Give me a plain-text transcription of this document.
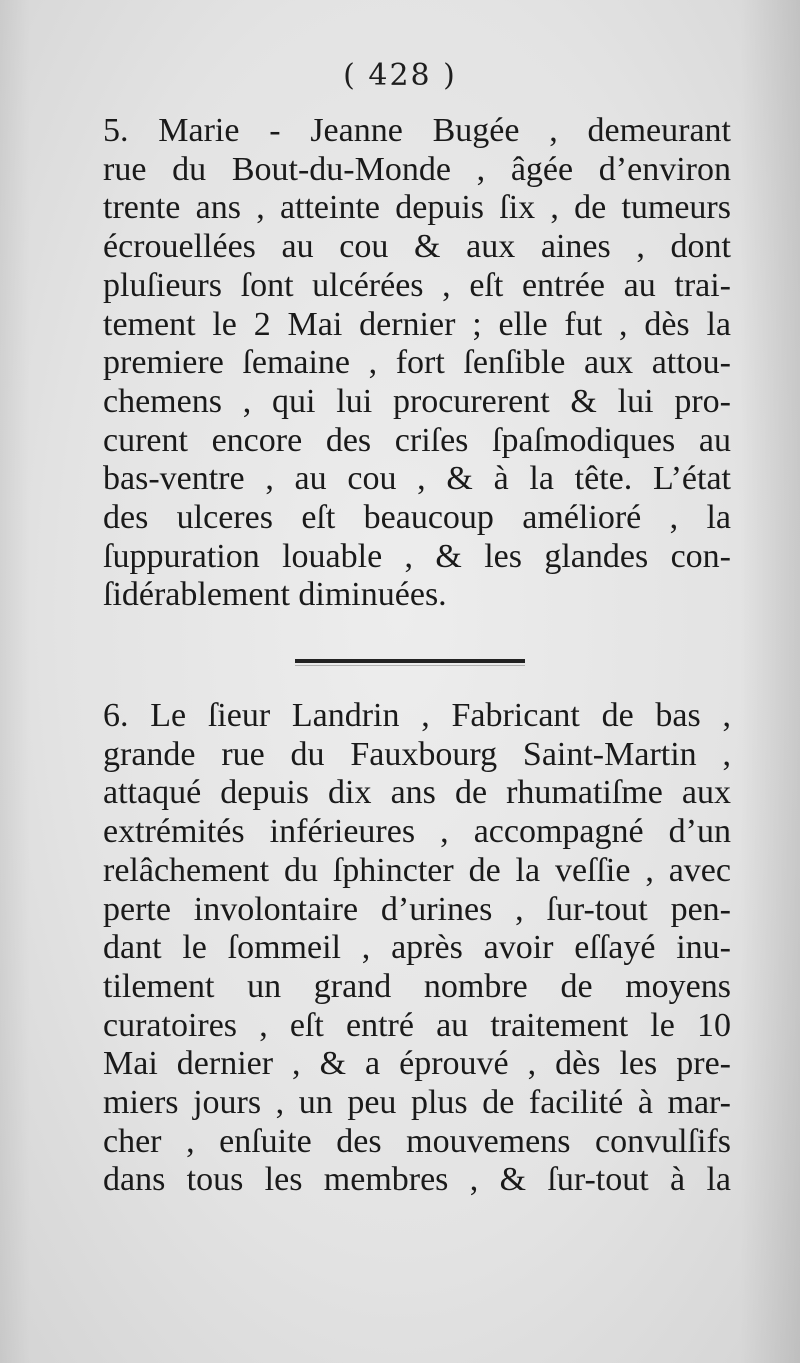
( 428 )
5. Marie - Jeanne Bugée , demeurant
rue du Bout-du-Monde , âgée d’environ
trente ans , atteinte depuis ſix , de tumeurs
écrouellées au cou & aux aines , dont
pluſieurs ſont ulcérées , eſt entrée au trai-
tement le 2 Mai dernier ; elle fut , dès la
premiere ſemaine , fort ſenſible aux attou-
chemens , qui lui procurerent & lui pro-
curent encore des criſes ſpaſmodiques au
bas-ventre , au cou , & à la tête. L’état
des ulceres eſt beaucoup amélioré , la
ſuppuration louable , & les glandes con-
ſidérablement diminuées.
6. Le ſieur Landrin , Fabricant de bas ,
grande rue du Fauxbourg Saint-Martin ,
attaqué depuis dix ans de rhumatiſme aux
extrémités inférieures , accompagné d’un
relâchement du ſphincter de la veſſie , avec
perte involontaire d’urines , ſur-tout pen-
dant le ſommeil , après avoir eſſayé inu-
tilement un grand nombre de moyens
curatoires , eſt entré au traitement le 10
Mai dernier , & a éprouvé , dès les pre-
miers jours , un peu plus de facilité à mar-
cher , enſuite des mouvemens convulſifs
dans tous les membres , & ſur-tout à la
